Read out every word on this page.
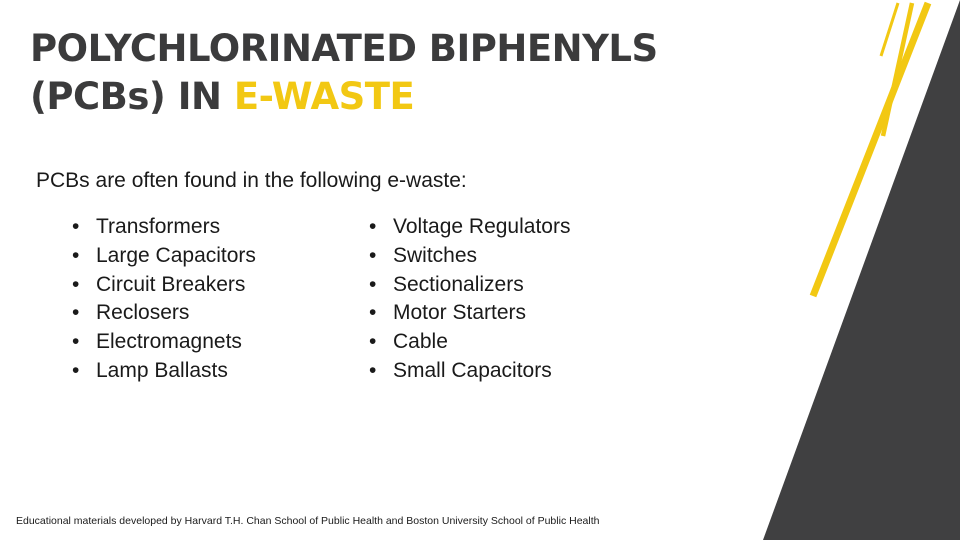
POLYCHLORINATED BIPHENYLS
(PCBs) IN E-WASTE

PCBs are often found in the following e-waste:

• Transformers
• Large Capacitors
• Circuit Breakers
• Reclosers
• Electromagnets
• Lamp Ballasts
• Voltage Regulators
• Switches
• Sectionalizers
• Motor Starters
• Cable
• Small Capacitors

Educational materials developed by Harvard T.H. Chan School of Public Health and Boston University School of Public Health
